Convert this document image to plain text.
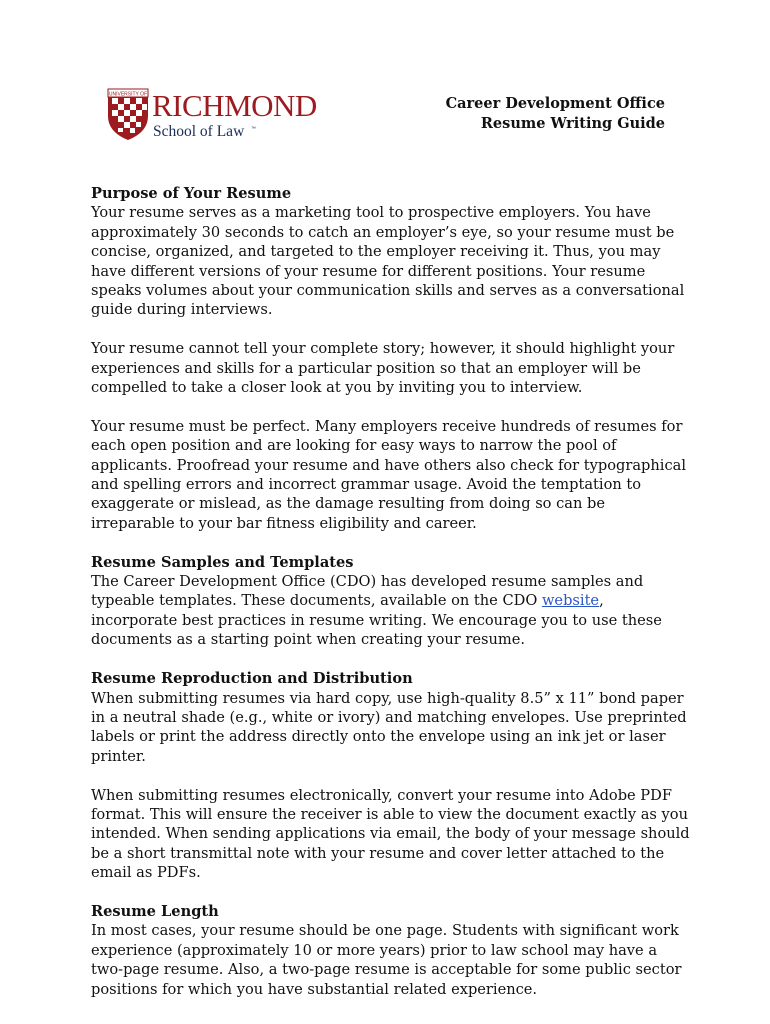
UNIVERSITY OF RICHMOND
School of Law ™
Career Development Office
Resume Writing Guide
Purpose of Your Resume

Your resume serves as a marketing tool to prospective employers. You have approximately 30 seconds to catch an employer’s eye, so your resume must be concise, organized, and targeted to the employer receiving it. Thus, you may have different versions of your resume for different positions. Your resume speaks volumes about your communication skills and serves as a conversational guide during interviews.

Your resume cannot tell your complete story; however, it should highlight your experiences and skills for a particular position so that an employer will be compelled to take a closer look at you by inviting you to interview.

Your resume must be perfect. Many employers receive hundreds of resumes for each open position and are looking for easy ways to narrow the pool of applicants. Proofread your resume and have others also check for typographical and spelling errors and incorrect grammar usage. Avoid the temptation to exaggerate or mislead, as the damage resulting from doing so can be irreparable to your bar fitness eligibility and career.

Resume Samples and Templates

The Career Development Office (CDO) has developed resume samples and typeable templates. These documents, available on the CDO website, incorporate best practices in resume writing. We encourage you to use these documents as a starting point when creating your resume.

Resume Reproduction and Distribution

When submitting resumes via hard copy, use high-quality 8.5” x 11” bond paper in a neutral shade (e.g., white or ivory) and matching envelopes. Use preprinted labels or print the address directly onto the envelope using an ink jet or laser printer.

When submitting resumes electronically, convert your resume into Adobe PDF format. This will ensure the receiver is able to view the document exactly as you intended. When sending applications via email, the body of your message should be a short transmittal note with your resume and cover letter attached to the email as PDFs.

Resume Length

In most cases, your resume should be one page. Students with significant work experience (approximately 10 or more years) prior to law school may have a two-page resume. Also, a two-page resume is acceptable for some public sector positions for which you have substantial related experience.
